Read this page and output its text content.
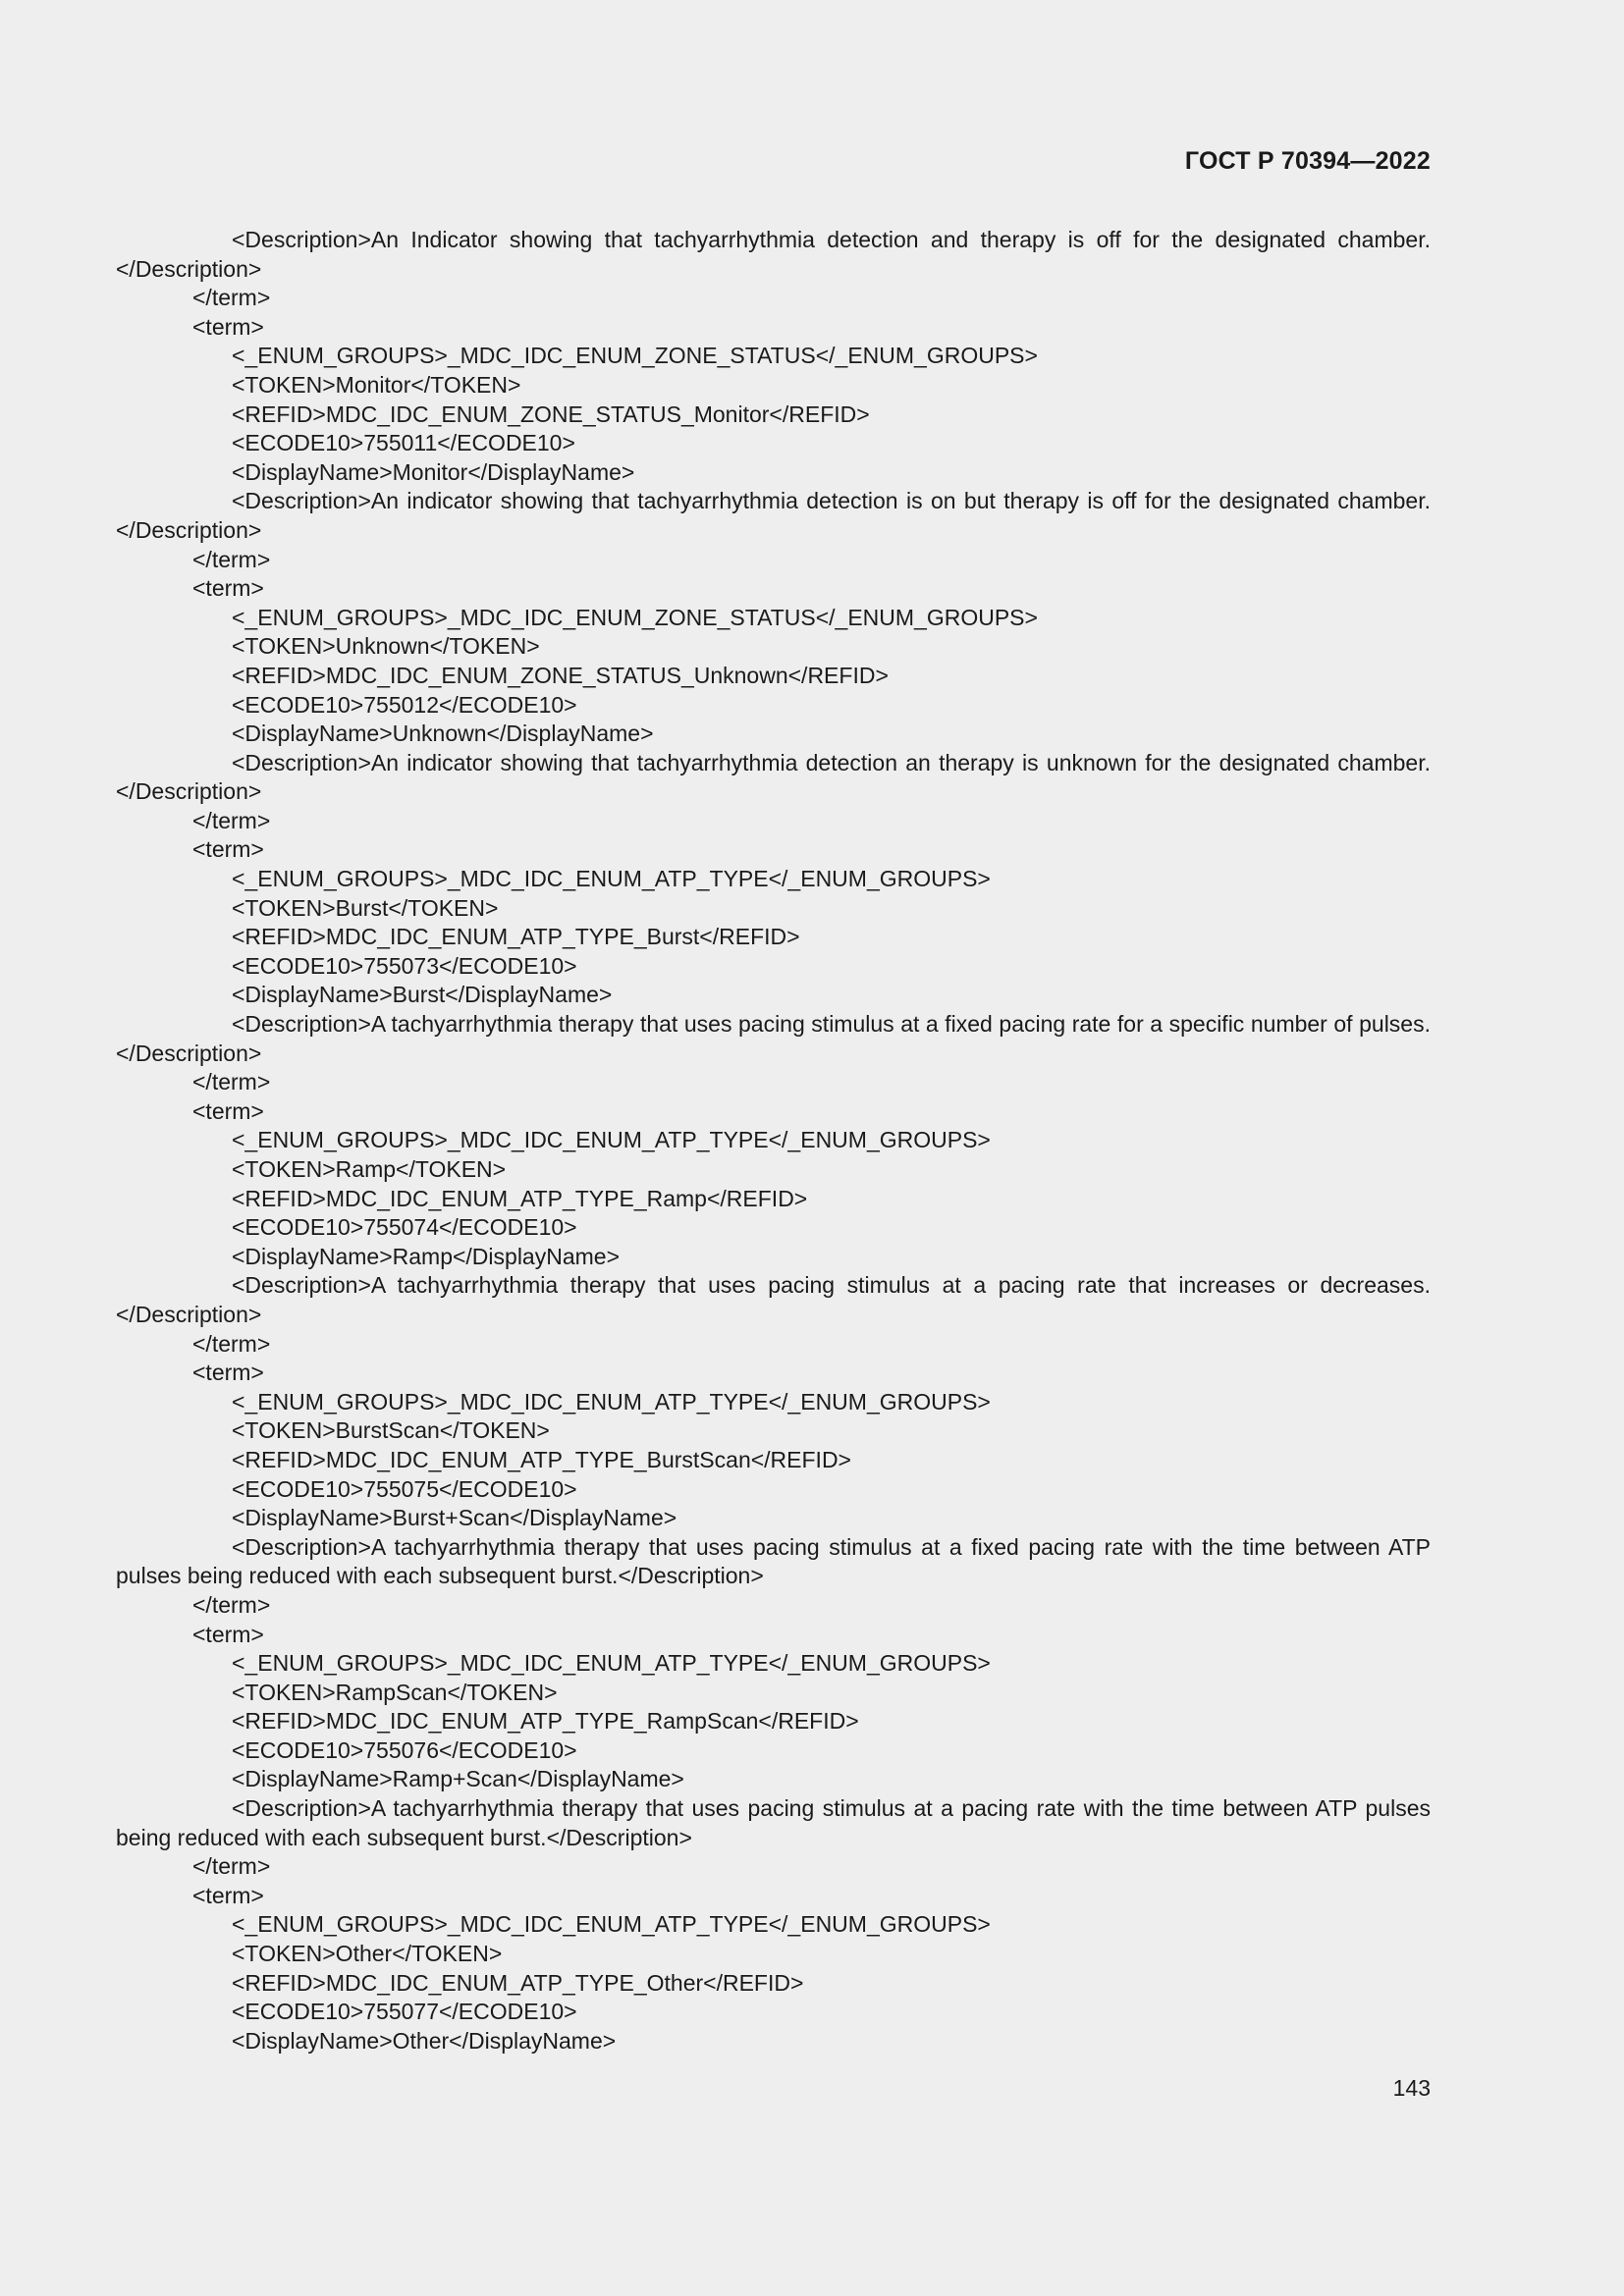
ГОСТ Р 70394—2022
<Description>An Indicator showing that tachyarrhythmia detection and therapy is off for the designated chamber.</Description>
</term>
<term>
<_ENUM_GROUPS>_MDC_IDC_ENUM_ZONE_STATUS</_ENUM_GROUPS>
<TOKEN>Monitor</TOKEN>
<REFID>MDC_IDC_ENUM_ZONE_STATUS_Monitor</REFID>
<ECODE10>755011</ECODE10>
<DisplayName>Monitor</DisplayName>
<Description>An indicator showing that tachyarrhythmia detection is on but therapy is off for the designated chamber.</Description>
</term>
<term>
<_ENUM_GROUPS>_MDC_IDC_ENUM_ZONE_STATUS</_ENUM_GROUPS>
<TOKEN>Unknown</TOKEN>
<REFID>MDC_IDC_ENUM_ZONE_STATUS_Unknown</REFID>
<ECODE10>755012</ECODE10>
<DisplayName>Unknown</DisplayName>
<Description>An indicator showing that tachyarrhythmia detection an therapy is unknown for the designated chamber.</Description>
</term>
<term>
<_ENUM_GROUPS>_MDC_IDC_ENUM_ATP_TYPE</_ENUM_GROUPS>
<TOKEN>Burst</TOKEN>
<REFID>MDC_IDC_ENUM_ATP_TYPE_Burst</REFID>
<ECODE10>755073</ECODE10>
<DisplayName>Burst</DisplayName>
<Description>A tachyarrhythmia therapy that uses pacing stimulus at a fixed pacing rate for a specific number of pulses.</Description>
</term>
<term>
<_ENUM_GROUPS>_MDC_IDC_ENUM_ATP_TYPE</_ENUM_GROUPS>
<TOKEN>Ramp</TOKEN>
<REFID>MDC_IDC_ENUM_ATP_TYPE_Ramp</REFID>
<ECODE10>755074</ECODE10>
<DisplayName>Ramp</DisplayName>
<Description>A tachyarrhythmia therapy that uses pacing stimulus at a pacing rate that increases or decreases.</Description>
</term>
<term>
<_ENUM_GROUPS>_MDC_IDC_ENUM_ATP_TYPE</_ENUM_GROUPS>
<TOKEN>BurstScan</TOKEN>
<REFID>MDC_IDC_ENUM_ATP_TYPE_BurstScan</REFID>
<ECODE10>755075</ECODE10>
<DisplayName>Burst+Scan</DisplayName>
<Description>A tachyarrhythmia therapy that uses pacing stimulus at a fixed pacing rate with the time between ATP pulses being reduced with each subsequent burst.</Description>
</term>
<term>
<_ENUM_GROUPS>_MDC_IDC_ENUM_ATP_TYPE</_ENUM_GROUPS>
<TOKEN>RampScan</TOKEN>
<REFID>MDC_IDC_ENUM_ATP_TYPE_RampScan</REFID>
<ECODE10>755076</ECODE10>
<DisplayName>Ramp+Scan</DisplayName>
<Description>A tachyarrhythmia therapy that uses pacing stimulus at a pacing rate with the time between ATP pulses being reduced with each subsequent burst.</Description>
</term>
<term>
<_ENUM_GROUPS>_MDC_IDC_ENUM_ATP_TYPE</_ENUM_GROUPS>
<TOKEN>Other</TOKEN>
<REFID>MDC_IDC_ENUM_ATP_TYPE_Other</REFID>
<ECODE10>755077</ECODE10>
<DisplayName>Other</DisplayName>
143
